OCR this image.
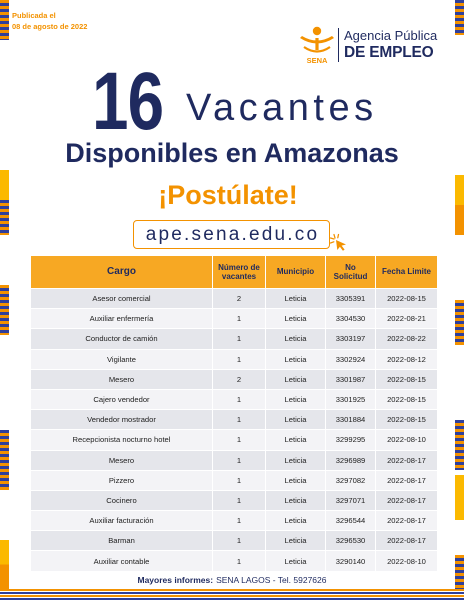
Publicada el
08 de agosto de 2022
SENA
Agencia Pública
DE EMPLEO
16 Vacantes
Disponibles en Amazonas
¡Postúlate!
ape.sena.edu.co
Cargo	Número de vacantes	Municipio	No Solicitud	Fecha Limite
Asesor comercial	2	Leticia	3305391	2022-08-15
Auxiliar enfermería	1	Leticia	3304530	2022-08-21
Conductor de camión	1	Leticia	3303197	2022-08-22
Vigilante	1	Leticia	3302924	2022-08-12
Mesero	2	Leticia	3301987	2022-08-15
Cajero vendedor	1	Leticia	3301925	2022-08-15
Vendedor mostrador	1	Leticia	3301884	2022-08-15
Recepcionista nocturno hotel	1	Leticia	3299295	2022-08-10
Mesero	1	Leticia	3296989	2022-08-17
Pizzero	1	Leticia	3297082	2022-08-17
Cocinero	1	Leticia	3297071	2022-08-17
Auxiliar facturación	1	Leticia	3296544	2022-08-17
Barman	1	Leticia	3296530	2022-08-17
Auxiliar contable	1	Leticia	3290140	2022-08-10
Mayores informes: SENA LAGOS - Tel. 5927626
